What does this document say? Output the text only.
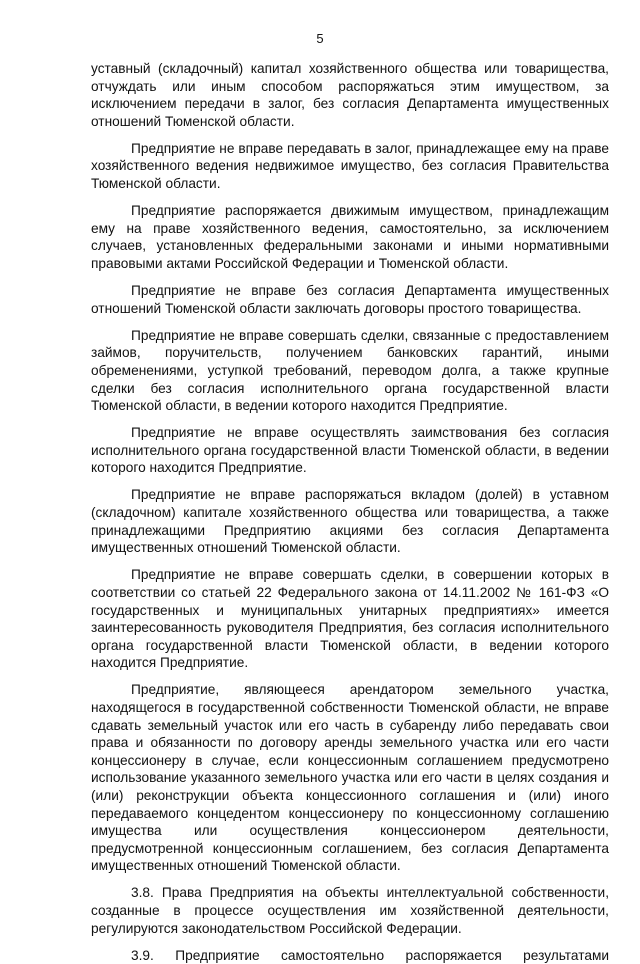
5

уставный (складочный) капитал хозяйственного общества или товарищества, отчуждать или иным способом распоряжаться этим имуществом, за исключением передачи в залог, без согласия Департамента имущественных отношений Тюменской области.

Предприятие не вправе передавать в залог, принадлежащее ему на праве хозяйственного ведения недвижимое имущество, без согласия Правительства Тюменской области.

Предприятие распоряжается движимым имуществом, принадлежащим ему на праве хозяйственного ведения, самостоятельно, за исключением случаев, установленных федеральными законами и иными нормативными правовыми актами Российской Федерации и Тюменской области.

Предприятие не вправе без согласия Департамента имущественных отношений Тюменской области заключать договоры простого товарищества.

Предприятие не вправе совершать сделки, связанные с предоставлением займов, поручительств, получением банковских гарантий, иными обременениями, уступкой требований, переводом долга, а также крупные сделки без согласия исполнительного органа государственной власти Тюменской области, в ведении которого находится Предприятие.

Предприятие не вправе осуществлять заимствования без согласия исполнительного органа государственной власти Тюменской области, в ведении которого находится Предприятие.

Предприятие не вправе распоряжаться вкладом (долей) в уставном (складочном) капитале хозяйственного общества или товарищества, а также принадлежащими Предприятию акциями без согласия Департамента имущественных отношений Тюменской области.

Предприятие не вправе совершать сделки, в совершении которых в соответствии со статьей 22 Федерального закона от 14.11.2002 № 161-ФЗ «О государственных и муниципальных унитарных предприятиях» имеется заинтересованность руководителя Предприятия, без согласия исполнительного органа государственной власти Тюменской области, в ведении которого находится Предприятие.

Предприятие, являющееся арендатором земельного участка, находящегося в государственной собственности Тюменской области, не вправе сдавать земельный участок или его часть в субаренду либо передавать свои права и обязанности по договору аренды земельного участка или его части концессионеру в случае, если концессионным соглашением предусмотрено использование указанного земельного участка или его части в целях создания и (или) реконструкции объекта концессионного соглашения и (или) иного передаваемого концедентом концессионеру по концессионному соглашению имущества или осуществления концессионером деятельности, предусмотренной концессионным соглашением, без согласия Департамента имущественных отношений Тюменской области.

3.8. Права Предприятия на объекты интеллектуальной собственности, созданные в процессе осуществления им хозяйственной деятельности, регулируются законодательством Российской Федерации.

3.9. Предприятие самостоятельно распоряжается результатами
